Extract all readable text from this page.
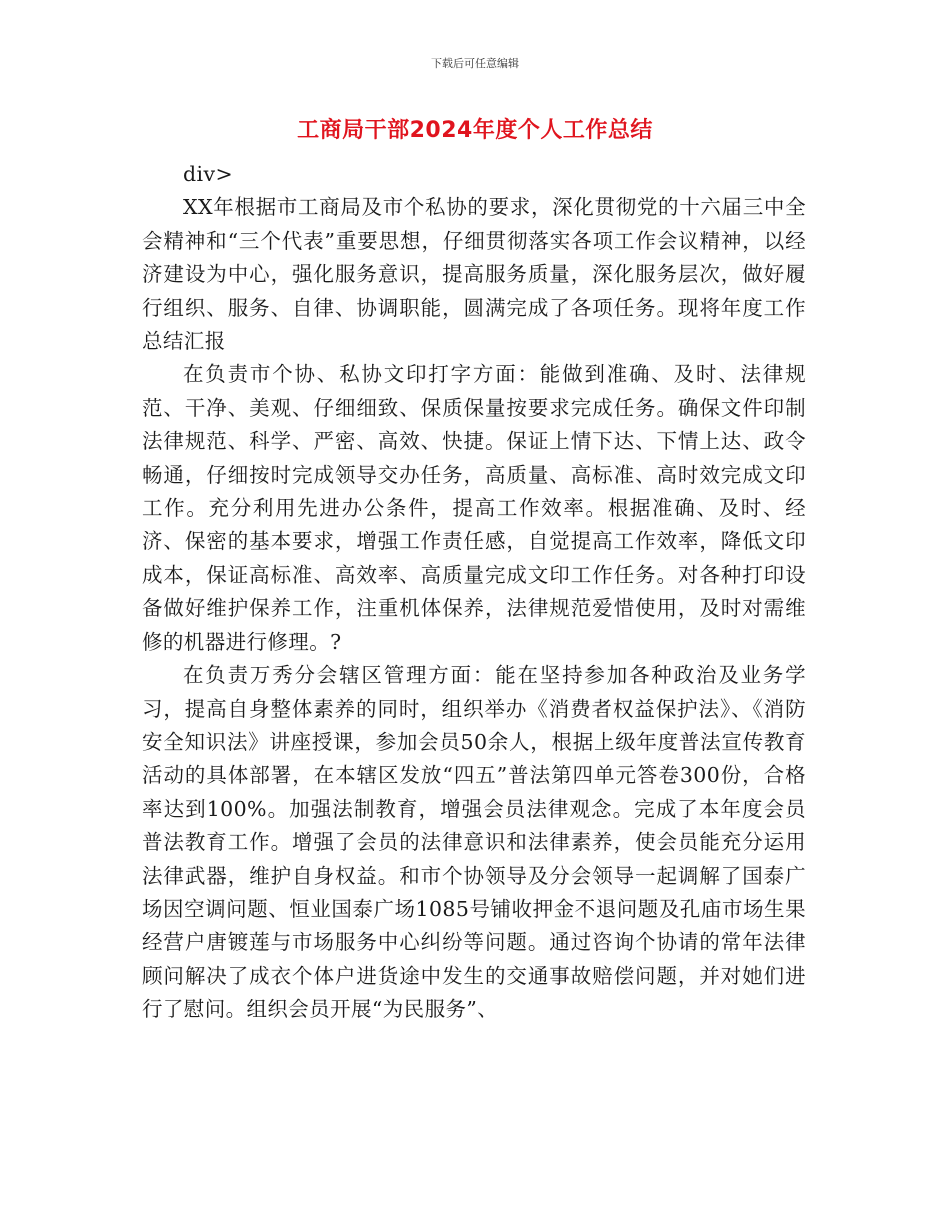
下载后可任意编辑
工商局干部2024年度个人工作总结

div>

XX年根据市工商局及市个私协的要求，深化贯彻党的十六届三中全会精神和“三个代表”重要思想，仔细贯彻落实各项工作会议精神，以经济建设为中心，强化服务意识，提高服务质量，深化服务层次，做好履行组织、服务、自律、协调职能，圆满完成了各项任务。现将年度工作总结汇报

在负责市个协、私协文印打字方面：能做到准确、及时、法律规范、干净、美观、仔细细致、保质保量按要求完成任务。确保文件印制法律规范、科学、严密、高效、快捷。保证上情下达、下情上达、政令畅通，仔细按时完成领导交办任务，高质量、高标准、高时效完成文印工作。充分利用先进办公条件，提高工作效率。根据准确、及时、经济、保密的基本要求，增强工作责任感，自觉提高工作效率，降低文印成本，保证高标准、高效率、高质量完成文印工作任务。对各种打印设备做好维护保养工作，注重机体保养，法律规范爱惜使用，及时对需维修的机器进行修理。?

在负责万秀分会辖区管理方面：能在坚持参加各种政治及业务学习，提高自身整体素养的同时，组织举办《消费者权益保护法》、《消防安全知识法》讲座授课，参加会员50余人，根据上级年度普法宣传教育活动的具体部署，在本辖区发放“四五”普法第四单元答卷300份，合格率达到100%。加强法制教育，增强会员法律观念。完成了本年度会员普法教育工作。增强了会员的法律意识和法律素养，使会员能充分运用法律武器，维护自身权益。和市个协领导及分会领导一起调解了国泰广场因空调问题、恒业国泰广场1085号铺收押金不退问题及孔庙市场生果经营户唐镀莲与市场服务中心纠纷等问题。通过咨询个协请的常年法律顾问解决了成衣个体户进货途中发生的交通事故赔偿问题，并对她们进行了慰问。组织会员开展“为民服务”、
